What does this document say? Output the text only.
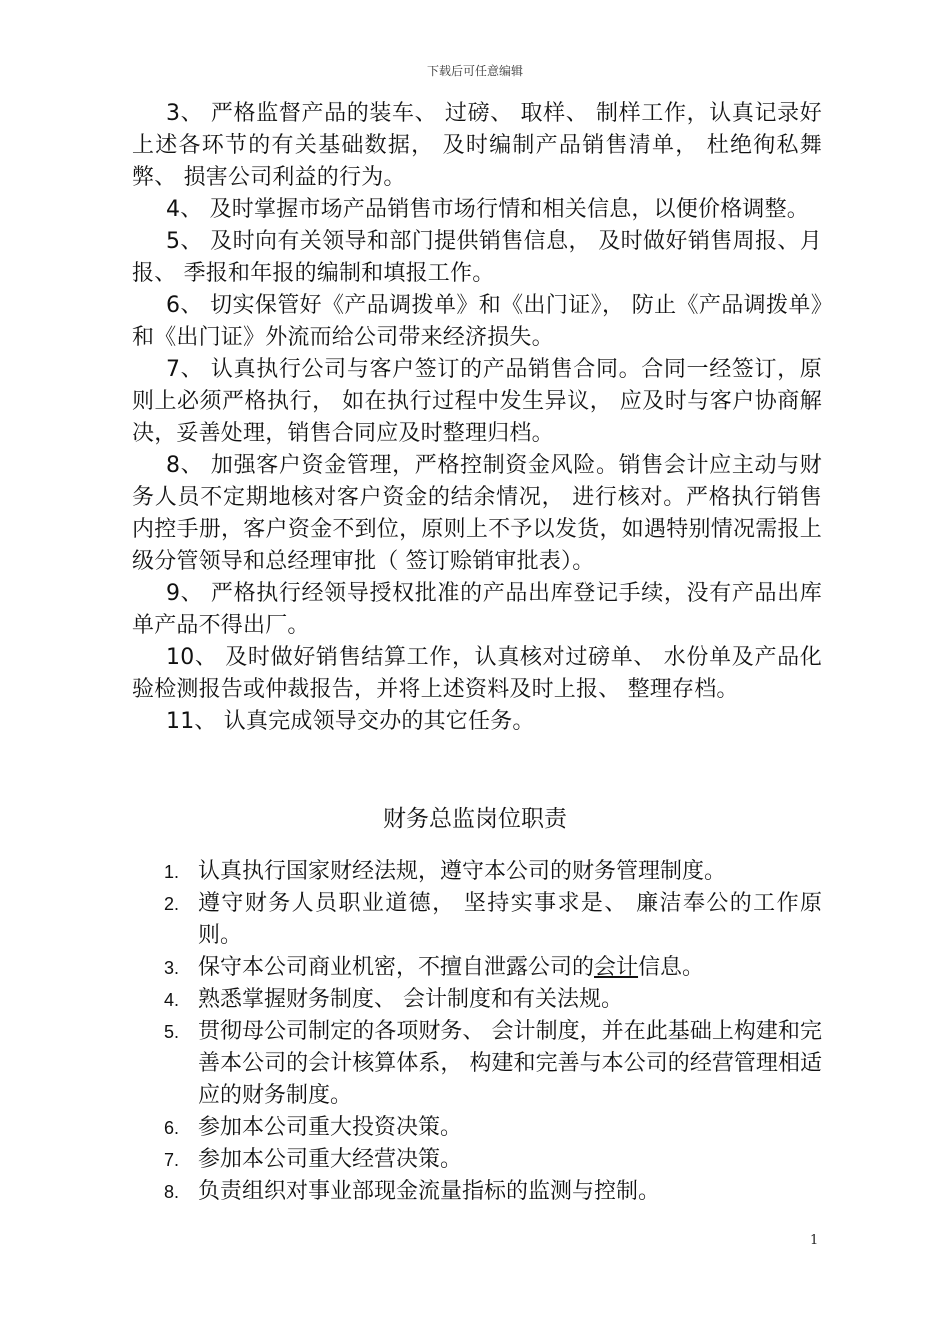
下载后可任意编辑

3、 严格监督产品的装车、 过磅、 取样、 制样工作，认真记录好上述各环节的有关基础数据， 及时编制产品销售清单， 杜绝徇私舞弊、 损害公司利益的行为。

4、 及时掌握市场产品销售市场行情和相关信息，以便价格调整。

5、 及时向有关领导和部门提供销售信息， 及时做好销售周报、月报、 季报和年报的编制和填报工作。

6、 切实保管好《产品调拨单》和《出门证》， 防止《产品调拨单》和《出门证》外流而给公司带来经济损失。

7、 认真执行公司与客户签订的产品销售合同。合同一经签订，原则上必须严格执行， 如在执行过程中发生异议， 应及时与客户协商解决，妥善处理，销售合同应及时整理归档。

8、 加强客户资金管理，严格控制资金风险。销售会计应主动与财务人员不定期地核对客户资金的结余情况， 进行核对。严格执行销售内控手册，客户资金不到位，原则上不予以发货，如遇特别情况需报上级分管领导和总经理审批（ 签订赊销审批表）。

9、 严格执行经领导授权批准的产品出库登记手续，没有产品出库单产品不得出厂。

10、 及时做好销售结算工作，认真核对过磅单、 水份单及产品化验检测报告或仲裁报告，并将上述资料及时上报、 整理存档。

11、 认真完成领导交办的其它任务。

财务总监岗位职责
1. 认真执行国家财经法规，遵守本公司的财务管理制度。
2. 遵守财务人员职业道德， 坚持实事求是、 廉洁奉公的工作原则。
3. 保守本公司商业机密，不擅自泄露公司的会计信息。
4. 熟悉掌握财务制度、 会计制度和有关法规。
5. 贯彻母公司制定的各项财务、 会计制度，并在此基础上构建和完善本公司的会计核算体系， 构建和完善与本公司的经营管理相适应的财务制度。
6. 参加本公司重大投资决策。
7. 参加本公司重大经营决策。
8. 负责组织对事业部现金流量指标的监测与控制。
1
